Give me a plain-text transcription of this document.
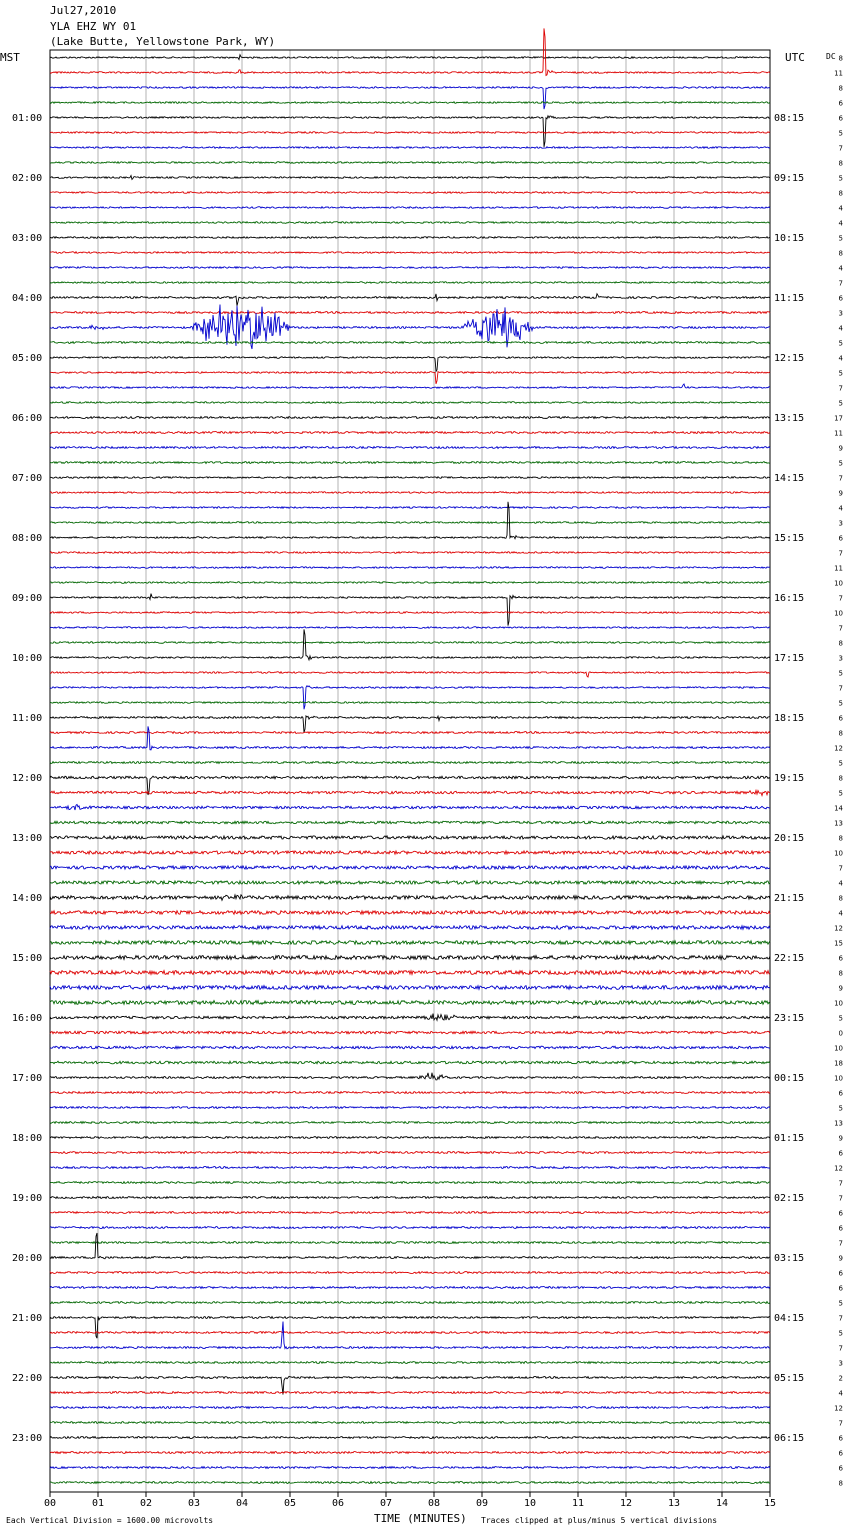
Jul27,2010
YLA EHZ WY 01
(Lake Butte, Yellowstone Park, WY)
MST	UTC	DC
01:00
02:00
03:00
04:00
05:00
06:00
07:00
08:00
09:00
10:00
11:00
12:00
13:00
14:00
15:00
16:00
17:00
18:00
19:00
20:00
21:00
22:00
23:00
08:15
09:15
10:15
11:15
12:15
13:15
14:15
15:15
16:15
17:15
18:15
19:15
20:15
21:15
22:15
23:15
00:15
01:15
02:15
03:15
04:15
05:15
06:15
8
11
8
6
6
5
7
8
5
8
4
4
5
8
4
7
6
3
4
5
4
5
7
5
17
11
9
5
7
9
4
3
6
7
11
10
7
10
7
8
3
5
7
5
6
8
12
5
8
5
14
13
8
10
7
4
8
4
12
15
6
8
9
10
5
0
10
18
10
6
5
13
9
6
12
7
7
6
6
7
9
6
6
5
7
5
7
3
2
4
12
7
6
6
6
8
00	01	02	03	04	05	06	07	08	09	10	11	12	13	14	15
Each Vertical Division = 1600.00 microvolts	TIME (MINUTES) Traces clipped at plus/minus 5 vertical divisions
